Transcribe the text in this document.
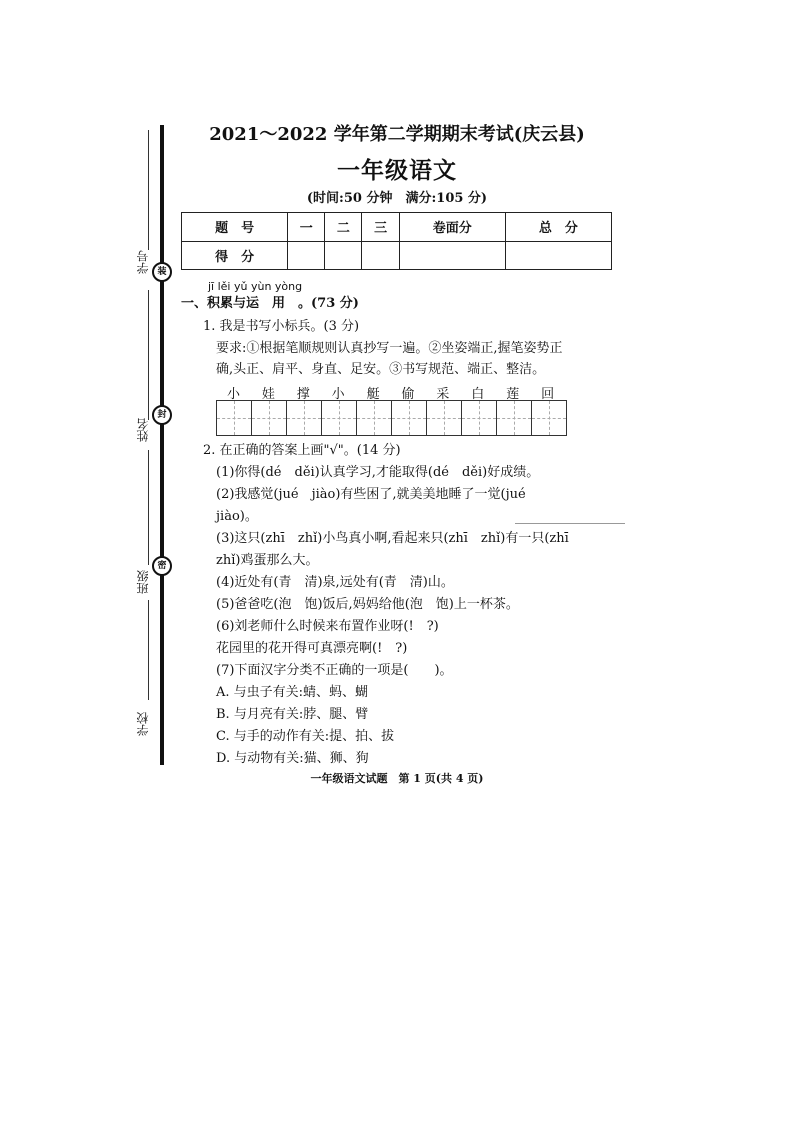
学号 装
姓名
封
班级
密
学校
2021～2022 学年第二学期期末考试(庆云县)
一年级语文
(时间:50 分钟　满分:105 分)
题　号	一	二	三	卷面分	总　分
得　分					
jī lěi yǔ yùn yòng
一、积累与运　用　。(73 分)
1. 我是书写小标兵。(3 分)
要求:①根据笔顺规则认真抄写一遍。②坐姿端正,握笔姿势正
确,头正、肩平、身直、足安。③书写规范、端正、整洁。
小	娃	撑	小	艇	偷	采	白	莲	回
2. 在正确的答案上画"√"。(14 分)
(1)你得(dé　děi)认真学习,才能取得(dé　děi)好成绩。
(2)我感觉(jué　jiào)有些困了,就美美地睡了一觉(jué
jiào)。
(3)这只(zhī　zhǐ)小鸟真小啊,看起来只(zhī　zhǐ)有一只(zhī
zhǐ)鸡蛋那么大。
(4)近处有(青　清)泉,远处有(青　清)山。
(5)爸爸吃(泡　饱)饭后,妈妈给他(泡　饱)上一杯茶。
(6)刘老师什么时候来布置作业呀(!　?)
花园里的花开得可真漂亮啊(!　?)
(7)下面汉字分类不正确的一项是(　　)。
A. 与虫子有关:蜻、蚂、蝴
B. 与月亮有关:脖、腿、臂
C. 与手的动作有关:提、拍、拔
D. 与动物有关:猫、狮、狗
一年级语文试题　第 1 页(共 4 页)
